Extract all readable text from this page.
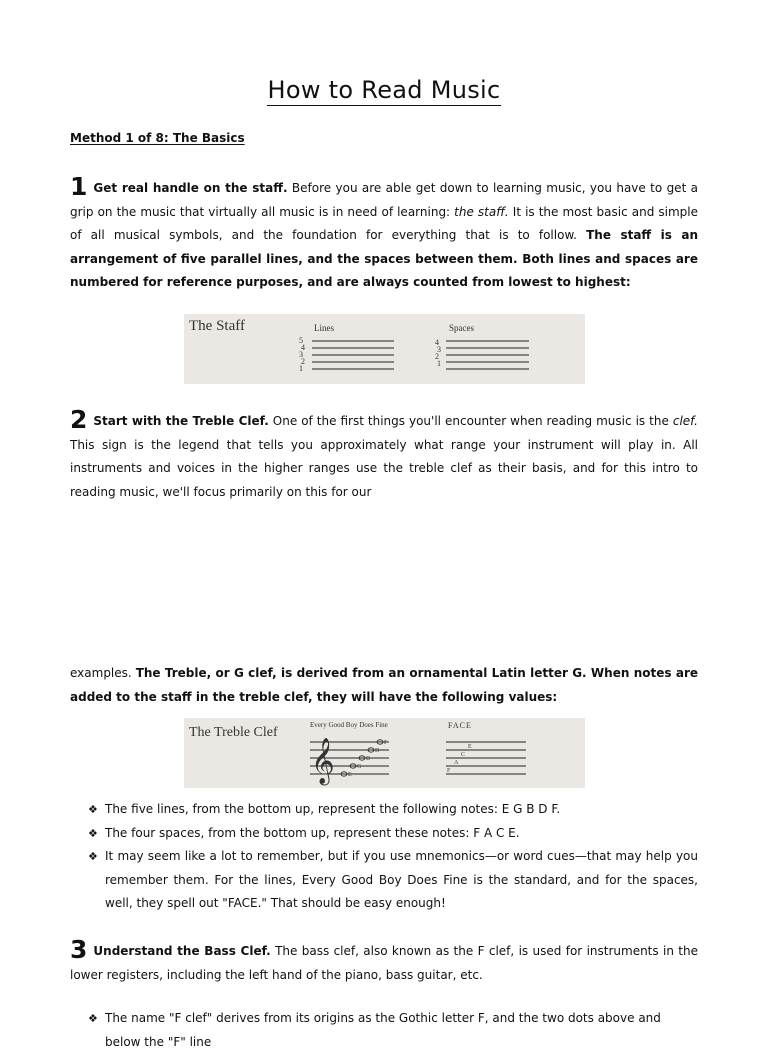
How to Read Music
Method 1 of 8: The Basics

1 Get real handle on the staff. Before you are able get down to learning music, you have to get a grip on the music that virtually all music is in need of learning: the staff. It is the most basic and simple of all musical symbols, and the foundation for everything that is to follow. The staff is an arrangement of five parallel lines, and the spaces between them. Both lines and spaces are numbered for reference purposes, and are always counted from lowest to highest:

The Staff	Lines	Spaces
5
4
3
2
1
4
3
2
1

2 Start with the Treble Clef. One of the first things you'll encounter when reading music is the clef. This sign is the legend that tells you approximately what range your instrument will play in. All instruments and voices in the higher ranges use the treble clef as their basis, and for this intro to reading music, we'll focus primarily on this for our

examples. The Treble, or G clef, is derived from an ornamental Latin letter G. When notes are added to the staff in the treble clef, they will have the following values:

The Treble Clef	Every Good Boy Does Fine	FACE
𝄞 E
G
B
D
F
F
A
C
E
❖ The five lines, from the bottom up, represent the following notes: E G B D F.
❖ The four spaces, from the bottom up, represent these notes: F A C E.
❖ It may seem like a lot to remember, but if you use mnemonics—or word cues—that may help you remember them. For the lines, Every Good Boy Does Fine is the standard, and for the spaces, well, they spell out "FACE." That should be easy enough!

3 Understand the Bass Clef. The bass clef, also known as the F clef, is used for instruments in the lower registers, including the left hand of the piano, bass guitar, etc.

❖ The name "F clef" derives from its origins as the Gothic letter F, and the two dots above and below the "F" line
